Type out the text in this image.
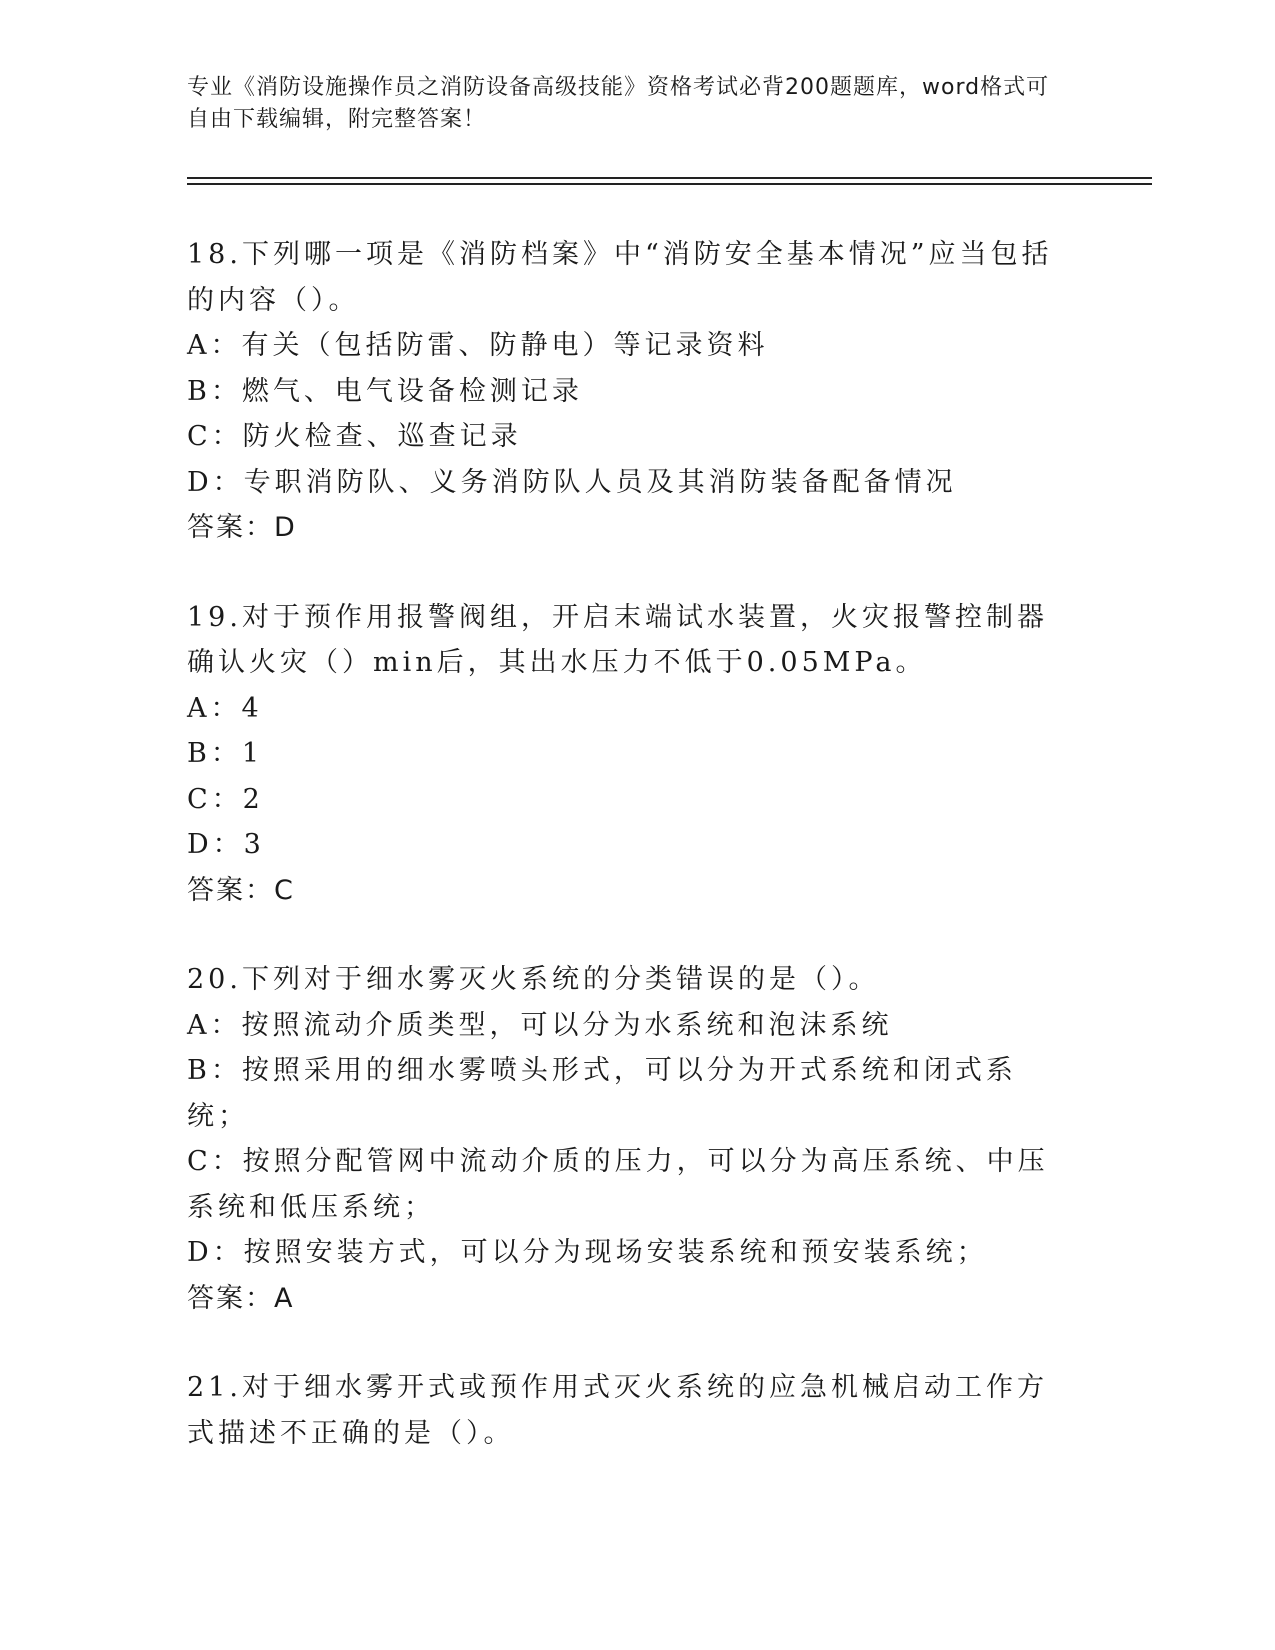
专业《消防设施操作员之消防设备高级技能》资格考试必背200题题库，word格式可自由下载编辑，附完整答案！
18.下列哪一项是《消防档案》中“消防安全基本情况”应当包括的内容（）。
A：有关（包括防雷、防静电）等记录资料
B：燃气、电气设备检测记录
C：防火检查、巡查记录
D：专职消防队、义务消防队人员及其消防装备配备情况
答案：D
19.对于预作用报警阀组，开启末端试水装置，火灾报警控制器确认火灾（）min后，其出水压力不低于0.05MPa。
A：4
B：1
C：2
D：3
答案：C
20.下列对于细水雾灭火系统的分类错误的是（）。
A：按照流动介质类型，可以分为水系统和泡沫系统
B：按照采用的细水雾喷头形式，可以分为开式系统和闭式系统；
C：按照分配管网中流动介质的压力，可以分为高压系统、中压系统和低压系统；
D：按照安装方式，可以分为现场安装系统和预安装系统；
答案：A
21.对于细水雾开式或预作用式灭火系统的应急机械启动工作方式描述不正确的是（）。
